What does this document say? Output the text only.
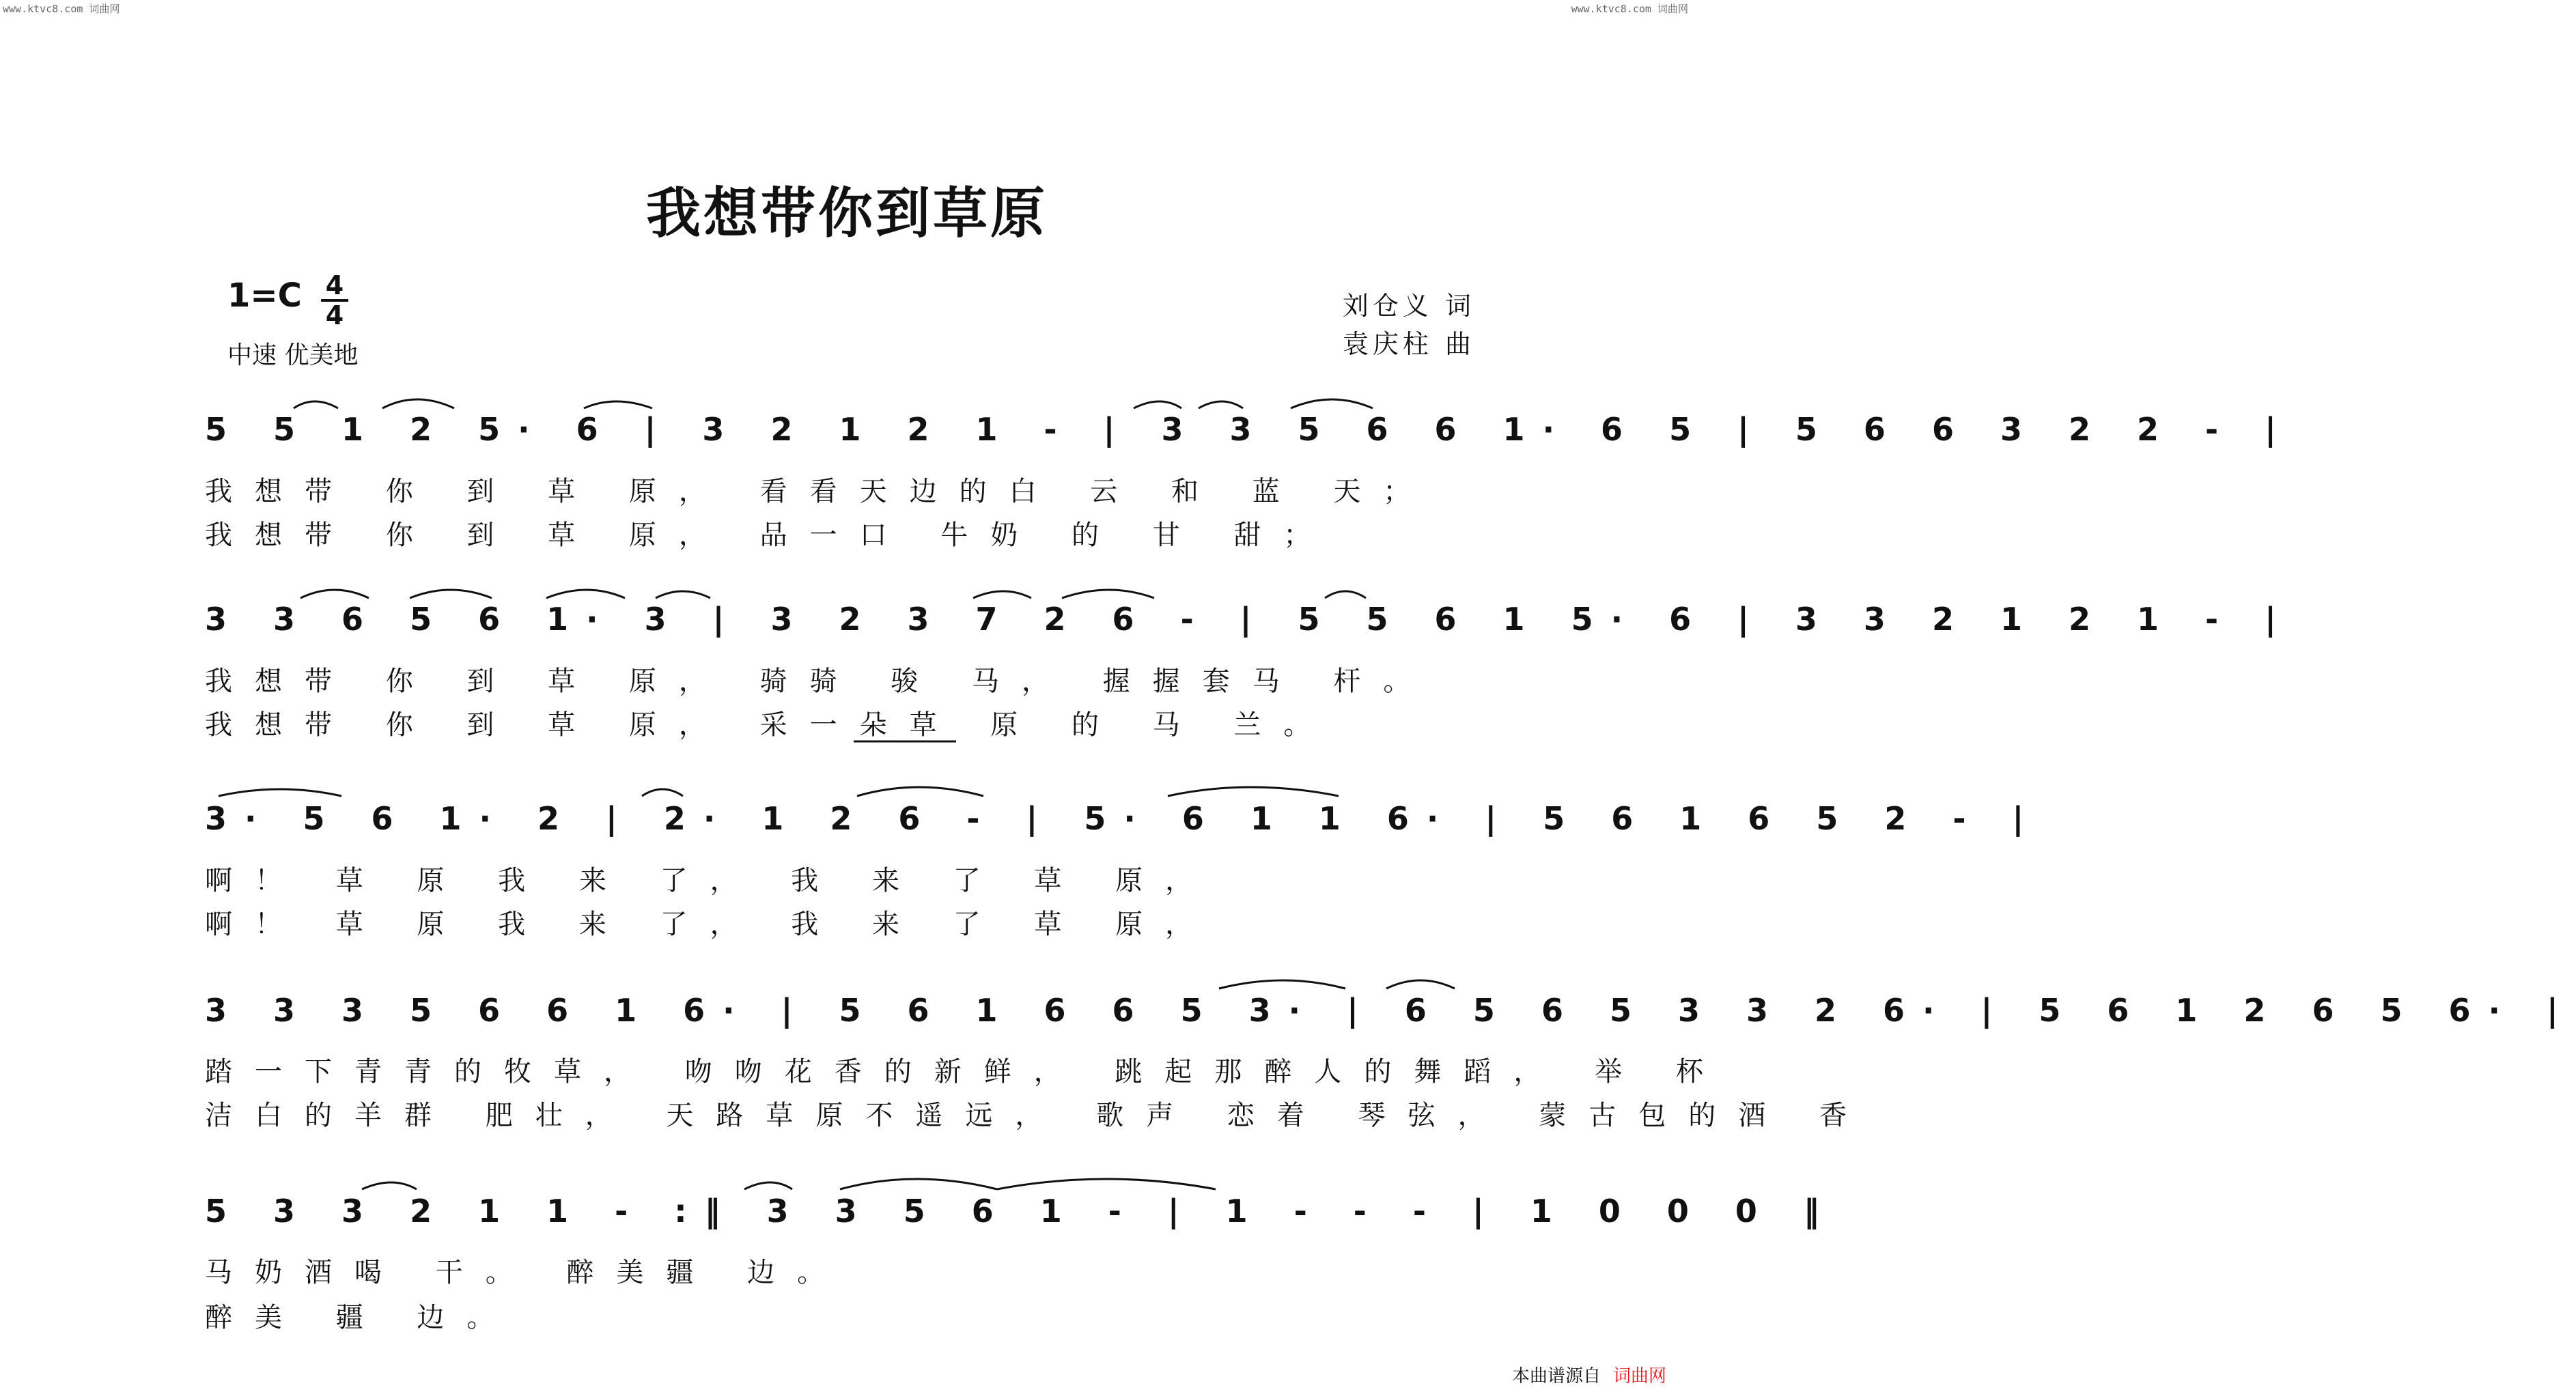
www.ktvc8.com 词曲网	www.ktvc8.com 词曲网
我想带你到草原
1=C 4
4
中速 优美地
刘仓义 词
袁庆柱 曲
5 5 1 2 5· 6 | 3 2 1 2 1 - | 3 3 5 6 6 1· 6 5 | 5 6 6 3 2 2 - |
我想带 你 到 草 原， 看看天边的白 云 和 蓝 天；
我想带 你 到 草 原， 品一口 牛奶 的 甘 甜；
3 3 6 5 6 1· 3 | 3 2 3 7 2 6 - | 5 5 6 1 5· 6 | 3 3 2 1 2 1 - |
我想带 你 到 草 原， 骑骑 骏 马， 握握套马 杆。
我想带 你 到 草 原， 采一朵草 原 的 马 兰。
3· 5 6 1· 2 | 2· 1 2 6 - | 5· 6 1 1 6· | 5 6 1 6 5 2 - |
啊！ 草 原 我 来 了， 我 来 了 草 原，
啊！ 草 原 我 来 了， 我 来 了 草 原，
3 3 3 5 6 6 1 6· | 5 6 1 6 6 5 3· | 6 5 6 5 3 3 2 6· | 5 6 1 2 6 5 6· |
踏一下青青的牧草， 吻吻花香的新鲜， 跳起那醉人的舞蹈， 举 杯
洁白的羊群 肥壮， 天路草原不遥远， 歌声 恋着 琴弦， 蒙古包的酒 香
5 3 3 2 1 1 - :‖ 3 3 5 6 1 - | 1 - - - | 1 0 0 0 ‖
马奶酒喝 干。 醉美疆 边。
醉美 疆 边。
本曲谱源自 词曲网
